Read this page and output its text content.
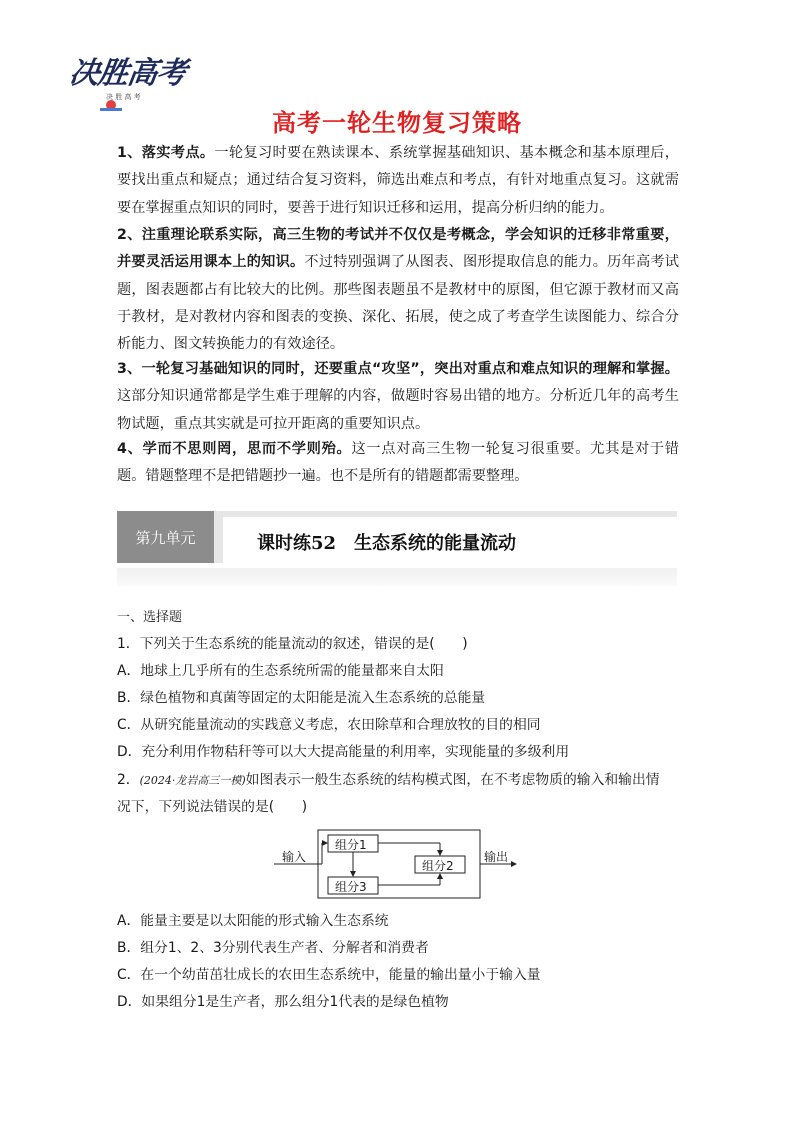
决胜高考
决 胜 高 考
高考一轮生物复习策略

1、落实考点。一轮复习时要在熟读课本、系统掌握基础知识、基本概念和基本原理后，要找出重点和疑点；通过结合复习资料，筛选出难点和考点，有针对地重点复习。这就需要在掌握重点知识的同时，要善于进行知识迁移和运用，提高分析归纳的能力。

2、注重理论联系实际，高三生物的考试并不仅仅是考概念，学会知识的迁移非常重要，并要灵活运用课本上的知识。不过特别强调了从图表、图形提取信息的能力。历年高考试题，图表题都占有比较大的比例。那些图表题虽不是教材中的原图，但它源于教材而又高于教材，是对教材内容和图表的变换、深化、拓展，使之成了考查学生读图能力、综合分析能力、图文转换能力的有效途径。

3、一轮复习基础知识的同时，还要重点“攻坚”，突出对重点和难点知识的理解和掌握。这部分知识通常都是学生难于理解的内容，做题时容易出错的地方。分析近几年的高考生物试题，重点其实就是可拉开距离的重要知识点。

4、学而不思则罔，思而不学则殆。这一点对高三生物一轮复习很重要。尤其是对于错题。错题整理不是把错题抄一遍。也不是所有的错题都需要整理。

第九单元	课时练52　生态系统的能量流动
一、选择题
1．下列关于生态系统的能量流动的叙述，错误的是(　　)
A．地球上几乎所有的生态系统所需的能量都来自太阳
B．绿色植物和真菌等固定的太阳能是流入生态系统的总能量
C．从研究能量流动的实践意义考虑，农田除草和合理放牧的目的相同
D．充分利用作物秸秆等可以大大提高能量的利用率，实现能量的多级利用
2．(2024·龙岩高三一模)如图表示一般生态系统的结构模式图，在不考虑物质的输入和输出情
况下，下列说法错误的是(　　)
输入	输出
组分1
组分2
组分3
A．能量主要是以太阳能的形式输入生态系统
B．组分1、2、3分别代表生产者、分解者和消费者
C．在一个幼苗茁壮成长的农田生态系统中，能量的输出量小于输入量
D．如果组分1是生产者，那么组分1代表的是绿色植物
